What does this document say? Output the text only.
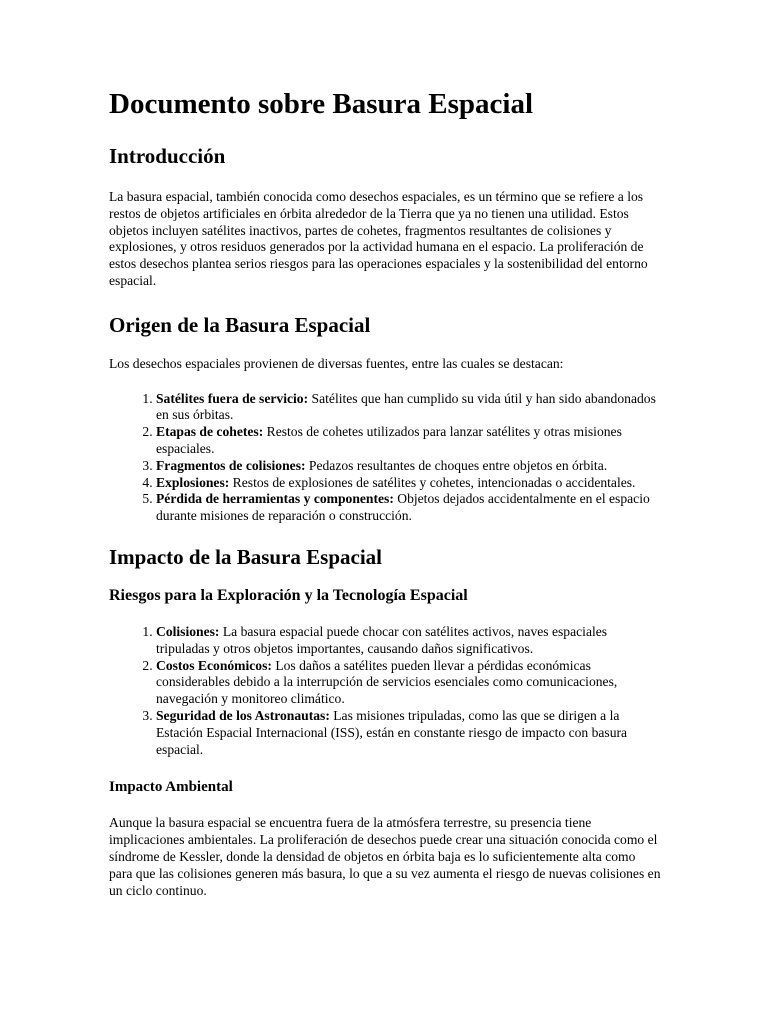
Documento sobre Basura Espacial
Introducción

La basura espacial, también conocida como desechos espaciales, es un término que se refiere a los restos de objetos artificiales en órbita alrededor de la Tierra que ya no tienen una utilidad. Estos objetos incluyen satélites inactivos, partes de cohetes, fragmentos resultantes de colisiones y explosiones, y otros residuos generados por la actividad humana en el espacio. La proliferación de estos desechos plantea serios riesgos para las operaciones espaciales y la sostenibilidad del entorno espacial.

Origen de la Basura Espacial

Los desechos espaciales provienen de diversas fuentes, entre las cuales se destacan:

1. Satélites fuera de servicio: Satélites que han cumplido su vida útil y han sido abandonados en sus órbitas.
2. Etapas de cohetes: Restos de cohetes utilizados para lanzar satélites y otras misiones espaciales.
3. Fragmentos de colisiones: Pedazos resultantes de choques entre objetos en órbita.
4. Explosiones: Restos de explosiones de satélites y cohetes, intencionadas o accidentales.
5. Pérdida de herramientas y componentes: Objetos dejados accidentalmente en el espacio durante misiones de reparación o construcción.
Impacto de la Basura Espacial
Riesgos para la Exploración y la Tecnología Espacial
1. Colisiones: La basura espacial puede chocar con satélites activos, naves espaciales tripuladas y otros objetos importantes, causando daños significativos.
2. Costos Económicos: Los daños a satélites pueden llevar a pérdidas económicas considerables debido a la interrupción de servicios esenciales como comunicaciones, navegación y monitoreo climático.
3. Seguridad de los Astronautas: Las misiones tripuladas, como las que se dirigen a la Estación Espacial Internacional (ISS), están en constante riesgo de impacto con basura espacial.
Impacto Ambiental

Aunque la basura espacial se encuentra fuera de la atmósfera terrestre, su presencia tiene implicaciones ambientales. La proliferación de desechos puede crear una situación conocida como el síndrome de Kessler, donde la densidad de objetos en órbita baja es lo suficientemente alta como para que las colisiones generen más basura, lo que a su vez aumenta el riesgo de nuevas colisiones en un ciclo continuo.
